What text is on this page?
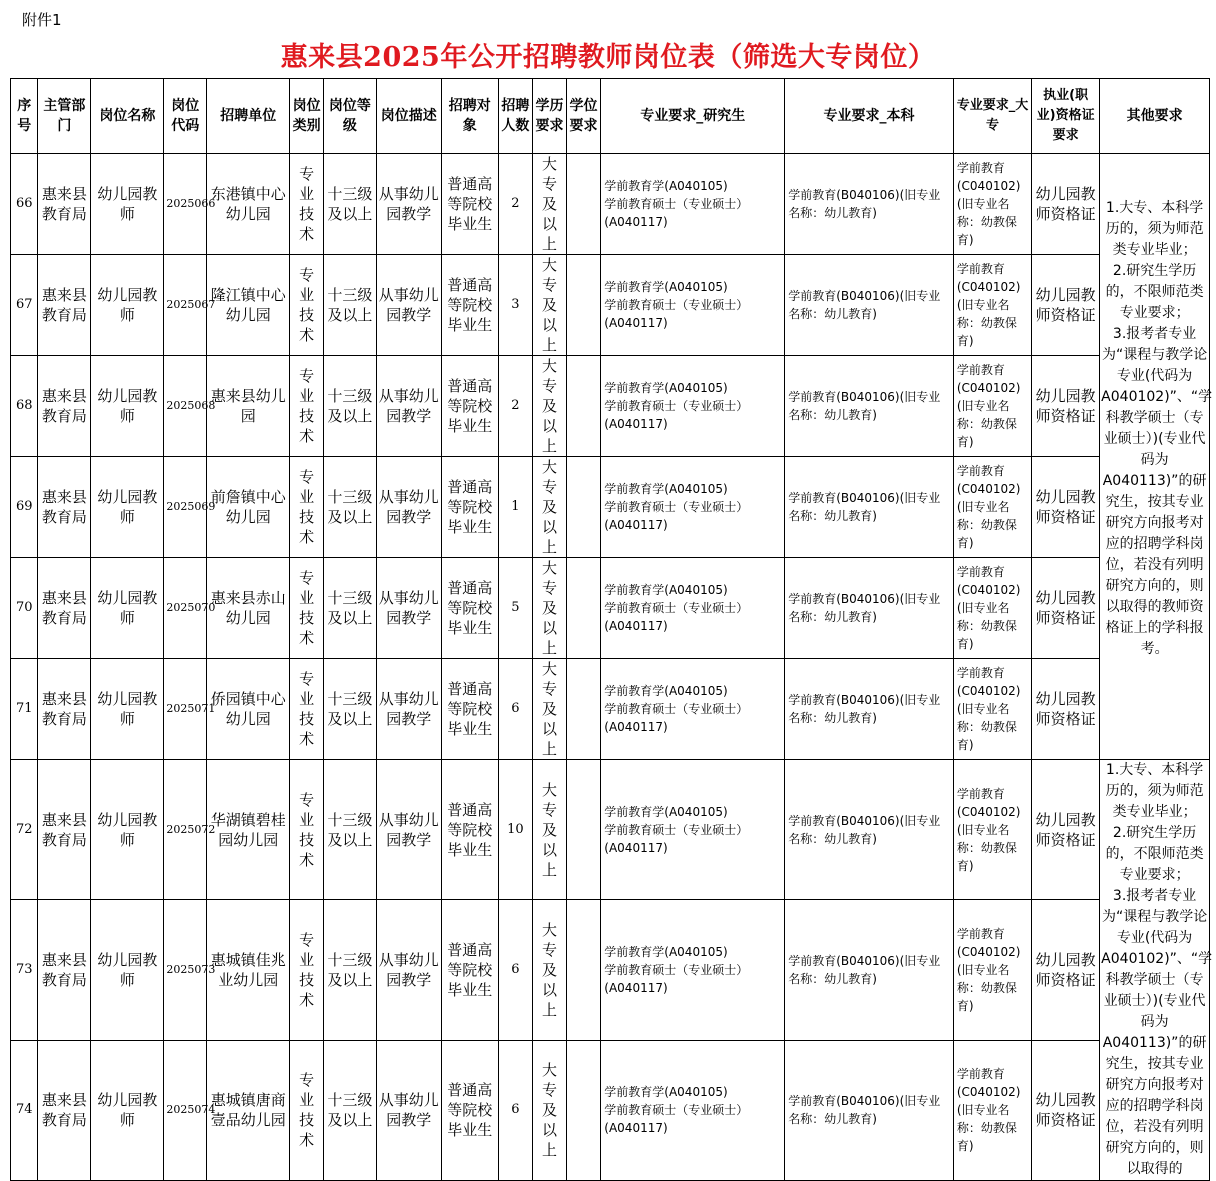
附件1
惠来县2025年公开招聘教师岗位表（筛选大专岗位）
序号	主管部门	岗位名称	岗位代码	招聘单位	岗位类别	岗位等级	岗位描述	招聘对象	招聘人数	学历要求	学位要求	专业要求_研究生	专业要求_本科	专业要求_大专	执业(职业)资格证要求	其他要求
66	惠来县教育局	幼儿园教师	2025066	东港镇中心幼儿园	专业技术	十三级及以上	从事幼儿园教学	普通高等院校毕业生	2	大专及以上		学前教育学(A040105)
学前教育硕士（专业硕士）(A040117)	学前教育(B040106)(旧专业名称：幼儿教育)	学前教育(C040102)(旧专业名称：幼教保育)	幼儿园教师资格证	1.大专、本科学历的，须为师范类专业毕业；
2.研究生学历的，不限师范类专业要求；
3.报考者专业为“课程与教学论专业(代码为A040102)”、“学科教学硕士（专业硕士）)(专业代码为A040113)”的研究生，按其专业研究方向报考对应的招聘学科岗位，若没有列明研究方向的，则以取得的教师资格证上的学科报考。
67	惠来县教育局	幼儿园教师	2025067	隆江镇中心幼儿园	专业技术	十三级及以上	从事幼儿园教学	普通高等院校毕业生	3	大专及以上		学前教育学(A040105)
学前教育硕士（专业硕士）(A040117)	学前教育(B040106)(旧专业名称：幼儿教育)	学前教育(C040102)(旧专业名称：幼教保育)	幼儿园教师资格证	
68	惠来县教育局	幼儿园教师	2025068	惠来县幼儿园	专业技术	十三级及以上	从事幼儿园教学	普通高等院校毕业生	2	大专及以上		学前教育学(A040105)
学前教育硕士（专业硕士）(A040117)	学前教育(B040106)(旧专业名称：幼儿教育)	学前教育(C040102)(旧专业名称：幼教保育)	幼儿园教师资格证	
69	惠来县教育局	幼儿园教师	2025069	前詹镇中心幼儿园	专业技术	十三级及以上	从事幼儿园教学	普通高等院校毕业生	1	大专及以上		学前教育学(A040105)
学前教育硕士（专业硕士）(A040117)	学前教育(B040106)(旧专业名称：幼儿教育)	学前教育(C040102)(旧专业名称：幼教保育)	幼儿园教师资格证	
70	惠来县教育局	幼儿园教师	2025070	惠来县赤山幼儿园	专业技术	十三级及以上	从事幼儿园教学	普通高等院校毕业生	5	大专及以上		学前教育学(A040105)
学前教育硕士（专业硕士）(A040117)	学前教育(B040106)(旧专业名称：幼儿教育)	学前教育(C040102)(旧专业名称：幼教保育)	幼儿园教师资格证	
71	惠来县教育局	幼儿园教师	2025071	侨园镇中心幼儿园	专业技术	十三级及以上	从事幼儿园教学	普通高等院校毕业生	6	大专及以上		学前教育学(A040105)
学前教育硕士（专业硕士）(A040117)	学前教育(B040106)(旧专业名称：幼儿教育)	学前教育(C040102)(旧专业名称：幼教保育)	幼儿园教师资格证	
72	惠来县教育局	幼儿园教师	2025072	华湖镇碧桂园幼儿园	专业技术	十三级及以上	从事幼儿园教学	普通高等院校毕业生	10	大专及以上		学前教育学(A040105)
学前教育硕士（专业硕士）(A040117)	学前教育(B040106)(旧专业名称：幼儿教育)	学前教育(C040102)(旧专业名称：幼教保育)	幼儿园教师资格证	1.大专、本科学历的，须为师范类专业毕业；
2.研究生学历的，不限师范类专业要求；
3.报考者专业为“课程与教学论专业(代码为A040102)”、“学科教学硕士（专业硕士）)(专业代码为A040113)”的研究生，按其专业研究方向报考对应的招聘学科岗位，若没有列明研究方向的，则以取得的
73	惠来县教育局	幼儿园教师	2025073	惠城镇佳兆业幼儿园	专业技术	十三级及以上	从事幼儿园教学	普通高等院校毕业生	6	大专及以上		学前教育学(A040105)
学前教育硕士（专业硕士）(A040117)	学前教育(B040106)(旧专业名称：幼儿教育)	学前教育(C040102)(旧专业名称：幼教保育)	幼儿园教师资格证	
74	惠来县教育局	幼儿园教师	2025074	惠城镇唐商壹品幼儿园	专业技术	十三级及以上	从事幼儿园教学	普通高等院校毕业生	6	大专及以上		学前教育学(A040105)
学前教育硕士（专业硕士）(A040117)	学前教育(B040106)(旧专业名称：幼儿教育)	学前教育(C040102)(旧专业名称：幼教保育)	幼儿园教师资格证	
